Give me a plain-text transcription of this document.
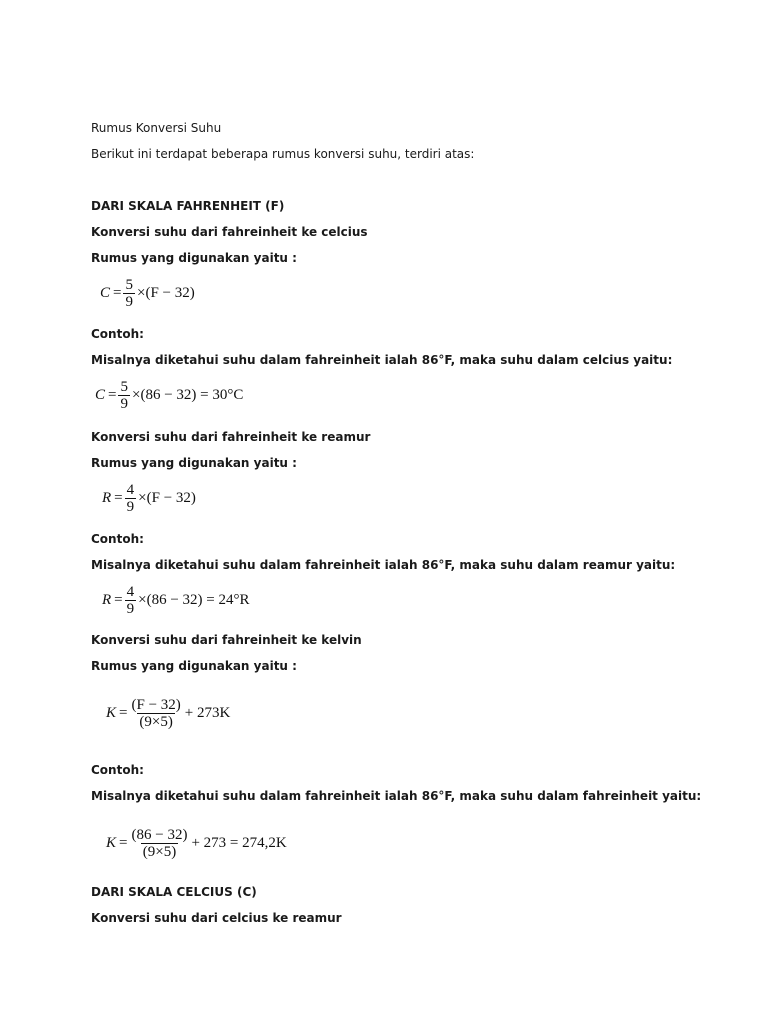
Rumus Konversi Suhu
Berikut ini terdapat beberapa rumus konversi suhu, terdiri atas:
DARI SKALA FAHRENHEIT (F)
Konversi suhu dari fahreinheit ke celcius
Rumus yang digunakan yaitu :
$C = \frac{5}{9} \times(F - 32)$
Contoh:
Misalnya diketahui suhu dalam fahreinheit ialah 86°F, maka suhu dalam celcius yaitu:
$C = \frac{5}{9} \times(86 - 32) = 30^\circ C$
Konversi suhu dari fahreinheit ke reamur
Rumus yang digunakan yaitu :
$R = \frac{4}{9} \times(F - 32)$
Contoh:
Misalnya diketahui suhu dalam fahreinheit ialah 86°F, maka suhu dalam reamur yaitu:
$R = \frac{4}{9} \times(86 - 32) = 24^\circ R$
Konversi suhu dari fahreinheit ke kelvin
Rumus yang digunakan yaitu :
$K = \frac{(F - 32)}{(9\times 5)} + 273K$
Contoh:
Misalnya diketahui suhu dalam fahreinheit ialah 86°F, maka suhu dalam fahreinheit yaitu:
$K = \frac{(86 - 32)}{(9\times 5)} + 273 = 274,2K$
DARI SKALA CELCIUS (C)
Konversi suhu dari celcius ke reamur
